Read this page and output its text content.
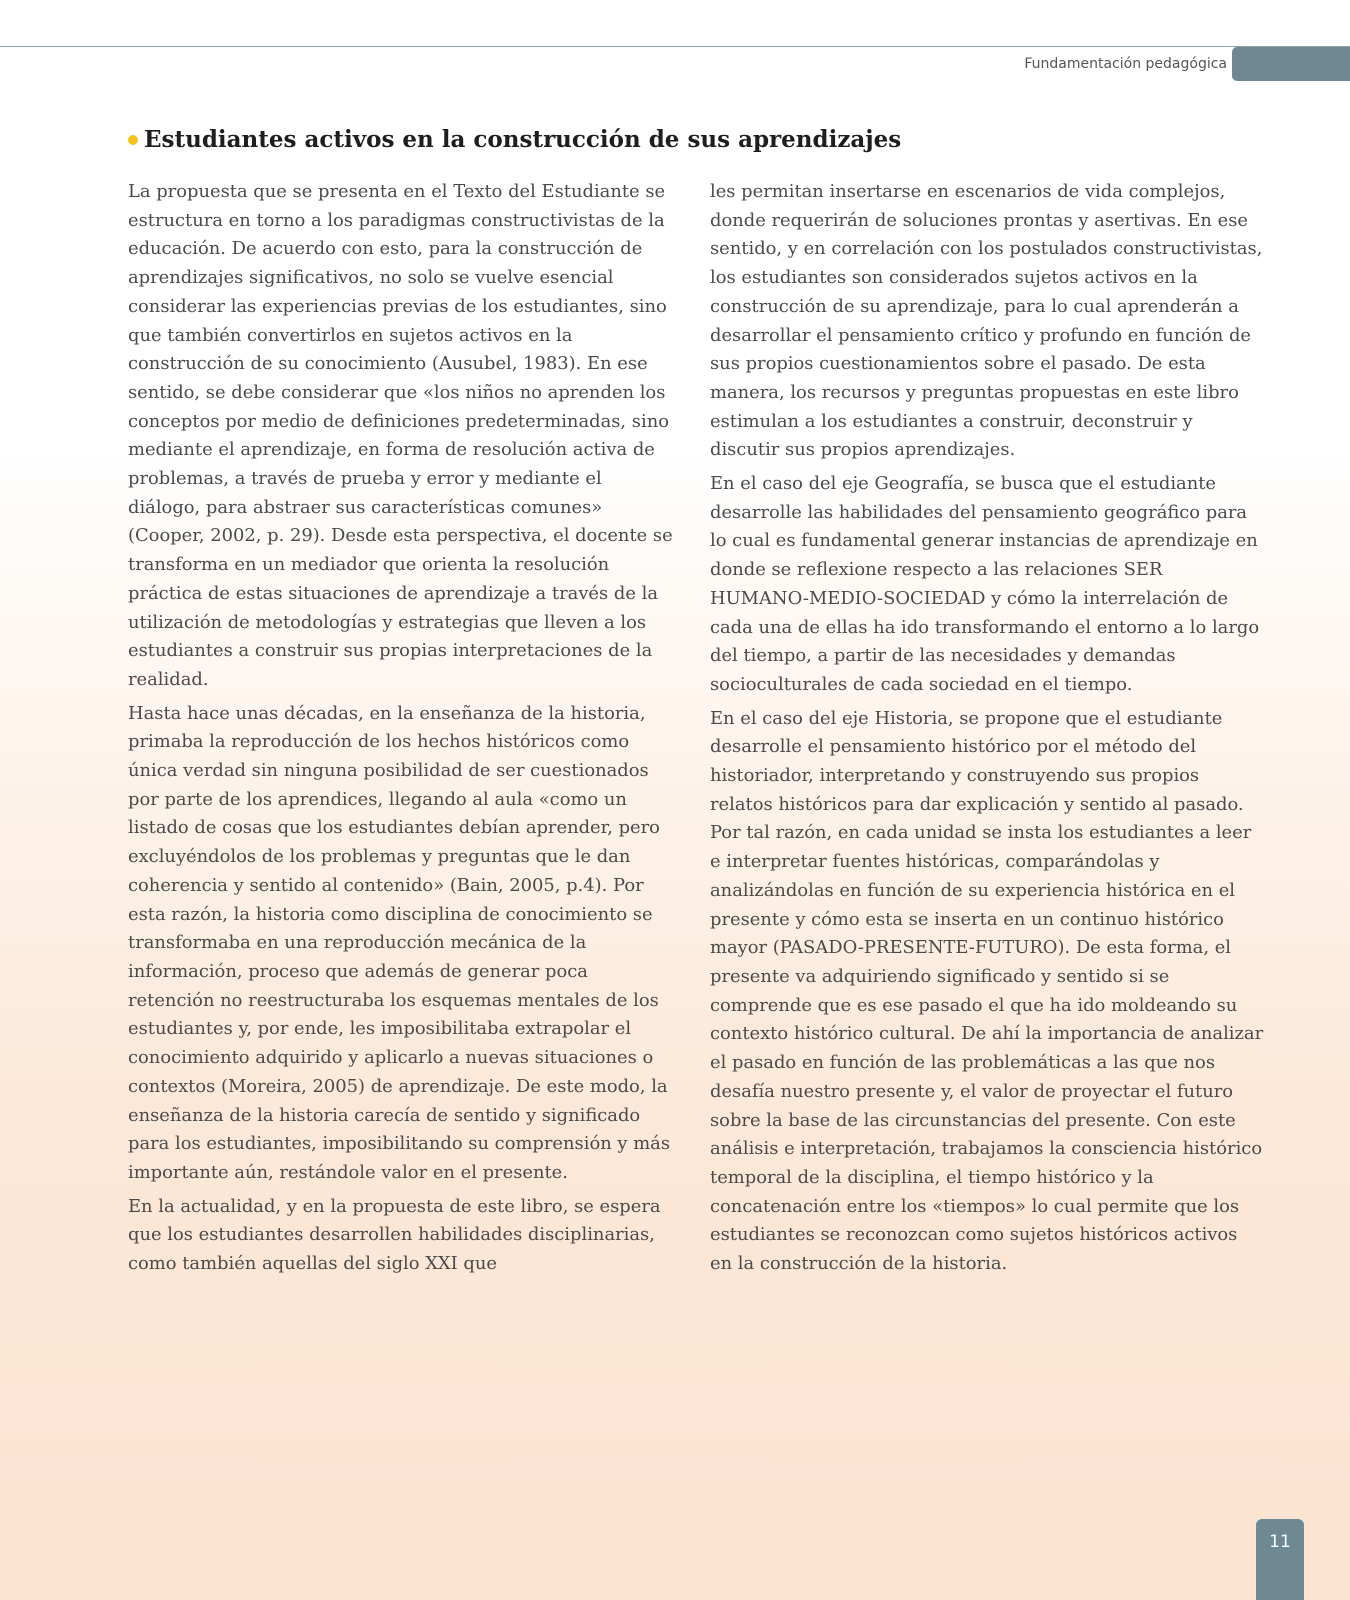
Fundamentación pedagógica
Estudiantes activos en la construcción de sus aprendizajes

La propuesta que se presenta en el Texto del Estudiante se estructura en torno a los paradigmas constructivistas de la educación. De acuerdo con esto, para la construcción de aprendizajes significativos, no solo se vuelve esencial considerar las experiencias previas de los estudiantes, sino que también convertirlos en sujetos activos en la construcción de su conocimiento (Ausubel, 1983). En ese sentido, se debe considerar que «los niños no aprenden los conceptos por medio de definiciones predeterminadas, sino mediante el aprendizaje, en forma de resolución activa de problemas, a través de prueba y error y mediante el diálogo, para abstraer sus características comunes» (Cooper, 2002, p. 29). Desde esta perspectiva, el docente se transforma en un mediador que orienta la resolución práctica de estas situaciones de aprendizaje a través de la utilización de metodologías y estrategias que lleven a los estudiantes a construir sus propias interpretaciones de la realidad.

Hasta hace unas décadas, en la enseñanza de la historia, primaba la reproducción de los hechos históricos como única verdad sin ninguna posibilidad de ser cuestionados por parte de los aprendices, llegando al aula «como un listado de cosas que los estudiantes debían aprender, pero excluyéndolos de los problemas y preguntas que le dan coherencia y sentido al contenido» (Bain, 2005, p.4). Por esta razón, la historia como disciplina de conocimiento se transformaba en una reproducción mecánica de la información, proceso que además de generar poca retención no reestructuraba los esquemas mentales de los estudiantes y, por ende, les imposibilitaba extrapolar el conocimiento adquirido y aplicarlo a nuevas situaciones o contextos (Moreira, 2005) de aprendizaje. De este modo, la enseñanza de la historia carecía de sentido y significado para los estudiantes, imposibilitando su comprensión y más importante aún, restándole valor en el presente.

En la actualidad, y en la propuesta de este libro, se espera que los estudiantes desarrollen habilidades disciplinarias, como también aquellas del siglo XXI que

les permitan insertarse en escenarios de vida complejos, donde requerirán de soluciones prontas y asertivas. En ese sentido, y en correlación con los postulados constructivistas, los estudiantes son considerados sujetos activos en la construcción de su aprendizaje, para lo cual aprenderán a desarrollar el pensamiento crítico y profundo en función de sus propios cuestionamientos sobre el pasado. De esta manera, los recursos y preguntas propuestas en este libro estimulan a los estudiantes a construir, deconstruir y discutir sus propios aprendizajes.

En el caso del eje Geografía, se busca que el estudiante desarrolle las habilidades del pensamiento geográfico para lo cual es fundamental generar instancias de aprendizaje en donde se reflexione respecto a las relaciones SER HUMANO-MEDIO-SOCIEDAD y cómo la interrelación de cada una de ellas ha ido transformando el entorno a lo largo del tiempo, a partir de las necesidades y demandas socioculturales de cada sociedad en el tiempo.

En el caso del eje Historia, se propone que el estudiante desarrolle el pensamiento histórico por el método del historiador, interpretando y construyendo sus propios relatos históricos para dar explicación y sentido al pasado. Por tal razón, en cada unidad se insta los estudiantes a leer e interpretar fuentes históricas, comparándolas y analizándolas en función de su experiencia histórica en el presente y cómo esta se inserta en un continuo histórico mayor (PASADO-PRESENTE-FUTURO). De esta forma, el presente va adquiriendo significado y sentido si se comprende que es ese pasado el que ha ido moldeando su contexto histórico cultural. De ahí la importancia de analizar el pasado en función de las problemáticas a las que nos desafía nuestro presente y, el valor de proyectar el futuro sobre la base de las circunstancias del presente. Con este análisis e interpretación, trabajamos la consciencia histórico temporal de la disciplina, el tiempo histórico y la concatenación entre los «tiempos» lo cual permite que los estudiantes se reconozcan como sujetos históricos activos en la construcción de la historia.

11
